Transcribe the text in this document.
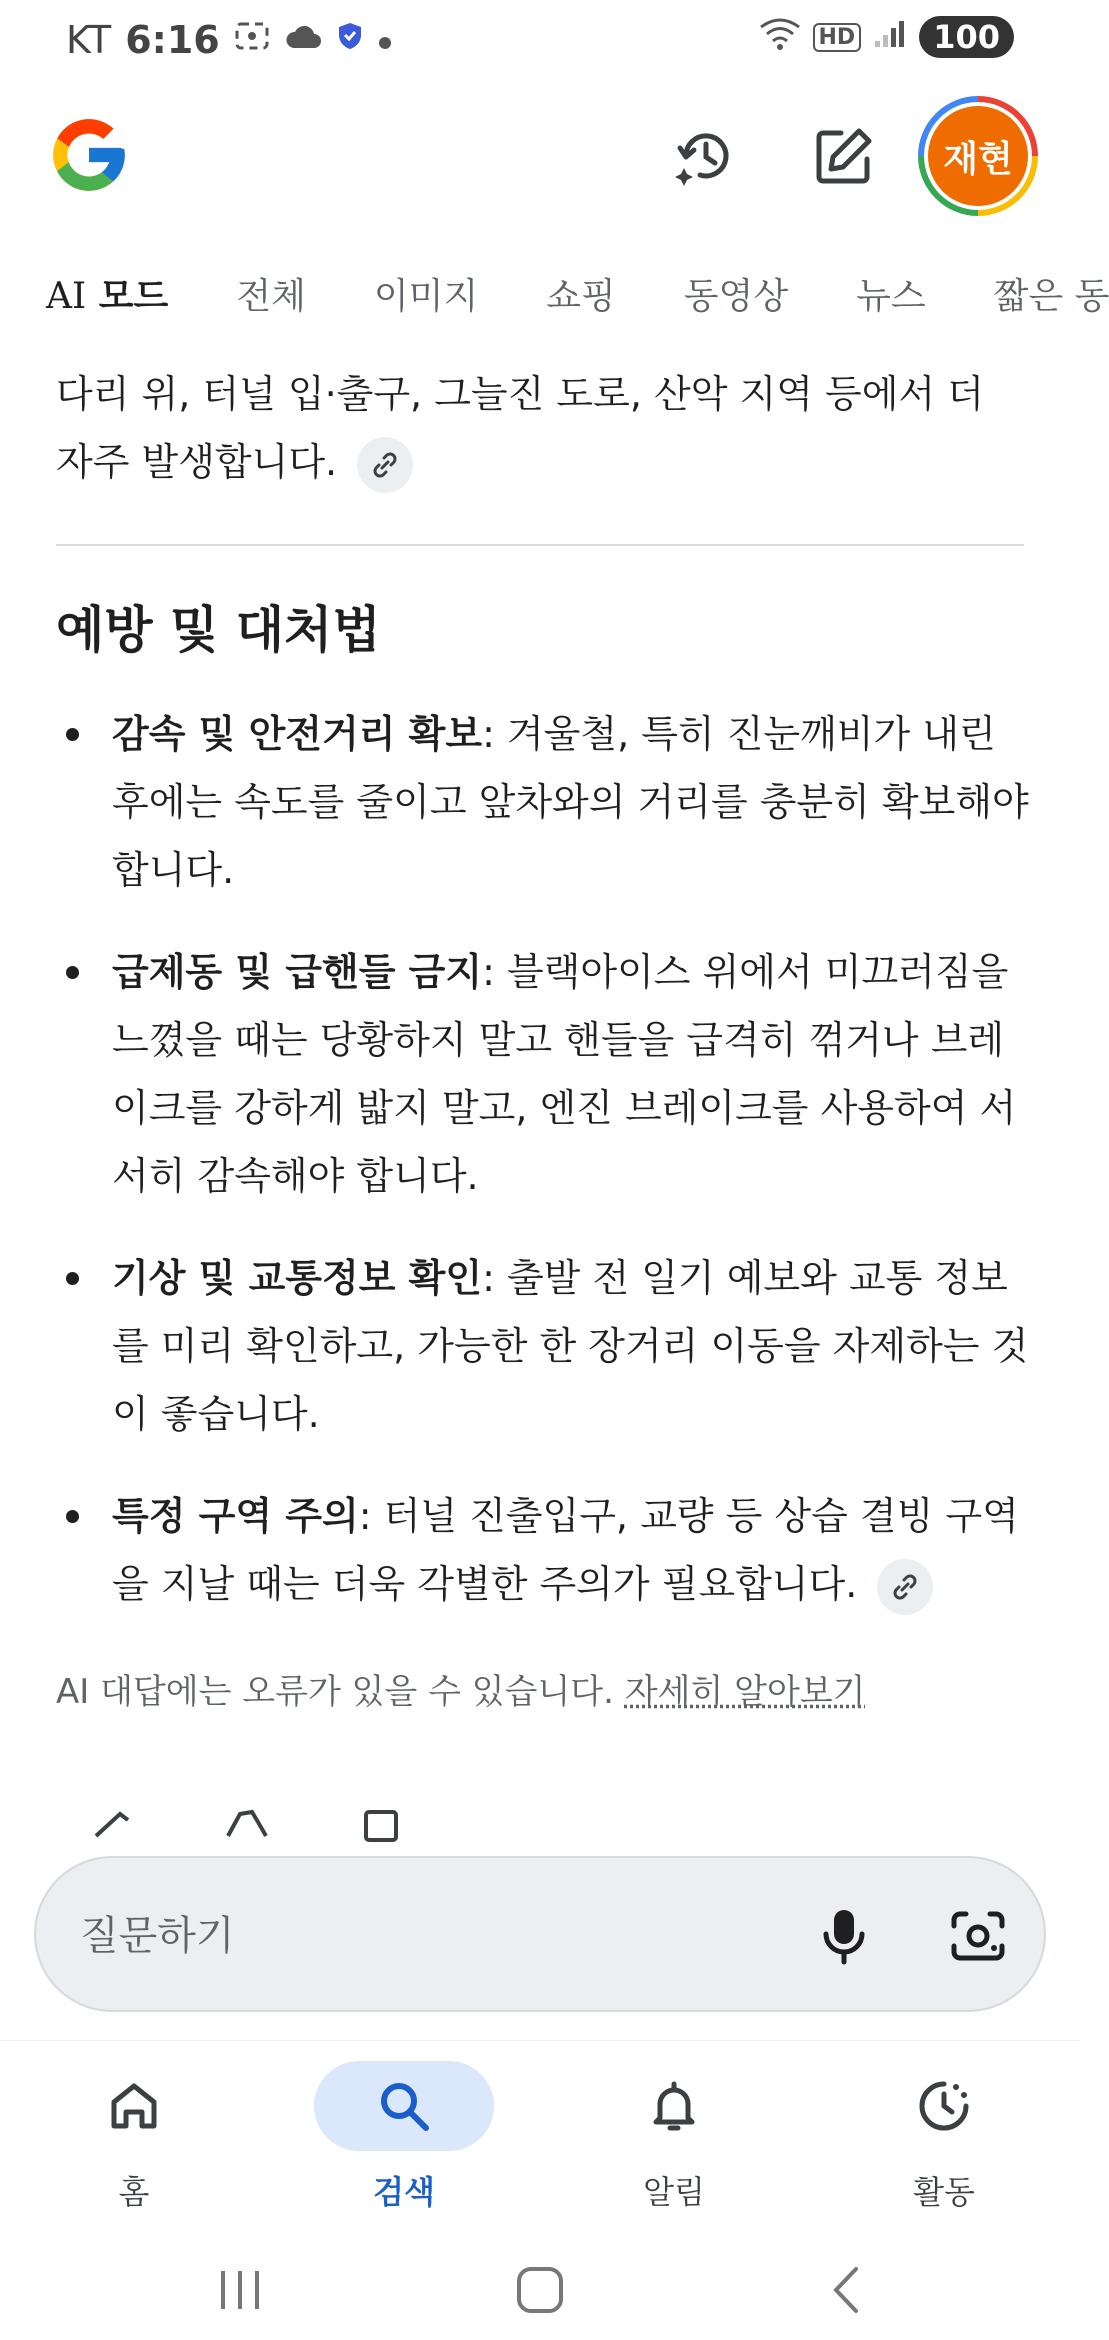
KT 6:16	HD	100
재현
AI 모드 전체 이미지 쇼핑 동영상 뉴스 짧은 동

다리 위, 터널 입·출구, 그늘진 도로, 산악 지역 등에서 더
자주 발생합니다.

예방 및 대처법
감속 및 안전거리 확보: 겨울철, 특히 진눈깨비가 내린 후에는 속도를 줄이고 앞차와의 거리를 충분히 확보해야 합니다.
급제동 및 급핸들 금지: 블랙아이스 위에서 미끄러짐을 느꼈을 때는 당황하지 말고 핸들을 급격히 꺾거나 브레이크를 강하게 밟지 말고, 엔진 브레이크를 사용하여 서서히 감속해야 합니다.
기상 및 교통정보 확인: 출발 전 일기 예보와 교통 정보를 미리 확인하고, 가능한 한 장거리 이동을 자제하는 것이 좋습니다.
특정 구역 주의: 터널 진출입구, 교량 등 상습 결빙 구역을 지날 때는 더욱 각별한 주의가 필요합니다.
AI 대답에는 오류가 있을 수 있습니다. 자세히 알아보기
질문하기
홈	검색	알림	활동
